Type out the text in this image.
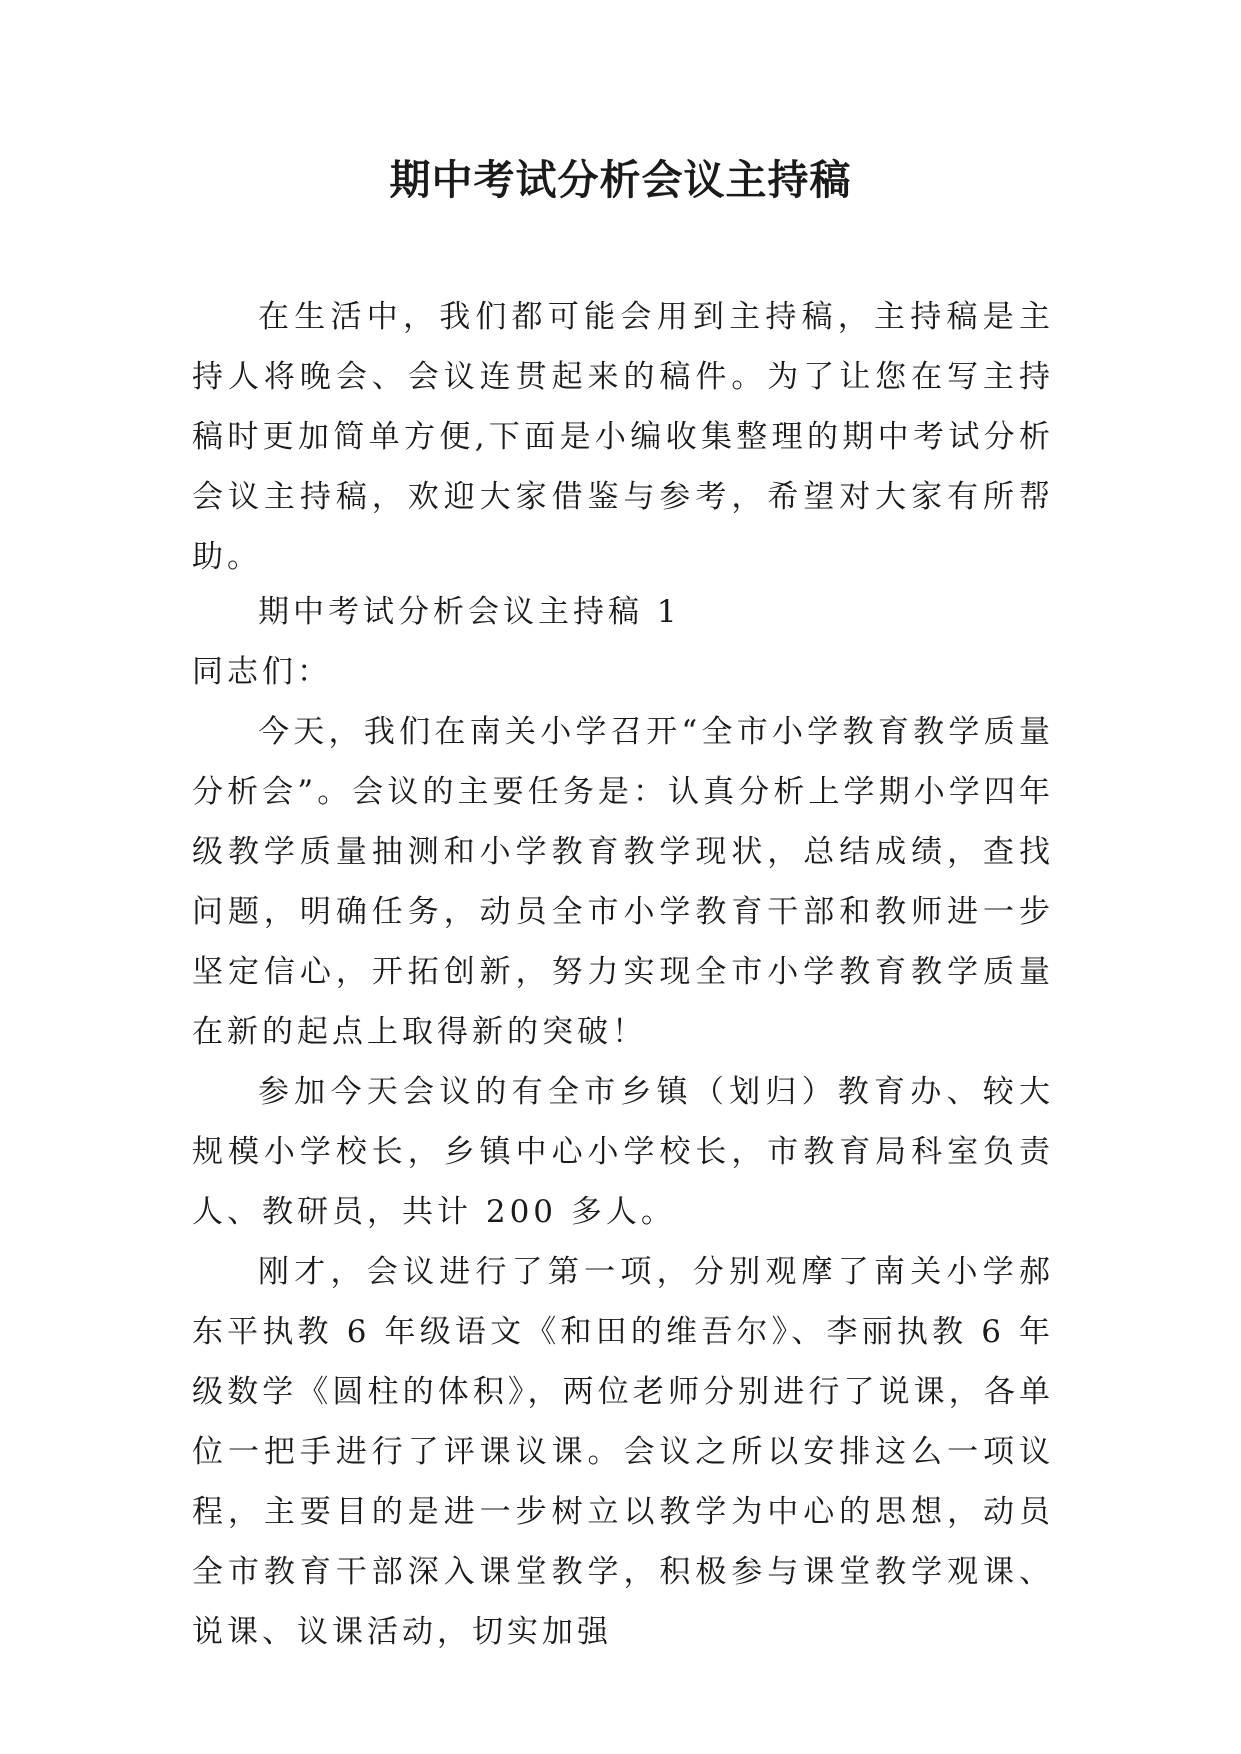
期中考试分析会议主持稿

在生活中，我们都可能会用到主持稿，主持稿是主持人将晚会、会议连贯起来的稿件。为了让您在写主持稿时更加简单方便,下面是小编收集整理的期中考试分析会议主持稿，欢迎大家借鉴与参考，希望对大家有所帮助。

期中考试分析会议主持稿 1

同志们：

今天，我们在南关小学召开“全市小学教育教学质量分析会”。会议的主要任务是：认真分析上学期小学四年级教学质量抽测和小学教育教学现状，总结成绩，查找问题，明确任务，动员全市小学教育干部和教师进一步坚定信心，开拓创新，努力实现全市小学教育教学质量在新的起点上取得新的突破！

参加今天会议的有全市乡镇（划归）教育办、较大规模小学校长，乡镇中心小学校长，市教育局科室负责人、教研员，共计 200 多人。

刚才，会议进行了第一项，分别观摩了南关小学郝东平执教 6 年级语文《和田的维吾尔》、李丽执教 6 年级数学《圆柱的体积》，两位老师分别进行了说课，各单位一把手进行了评课议课。会议之所以安排这么一项议程，主要目的是进一步树立以教学为中心的思想，动员全市教育干部深入课堂教学，积极参与课堂教学观课、说课、议课活动，切实加强
